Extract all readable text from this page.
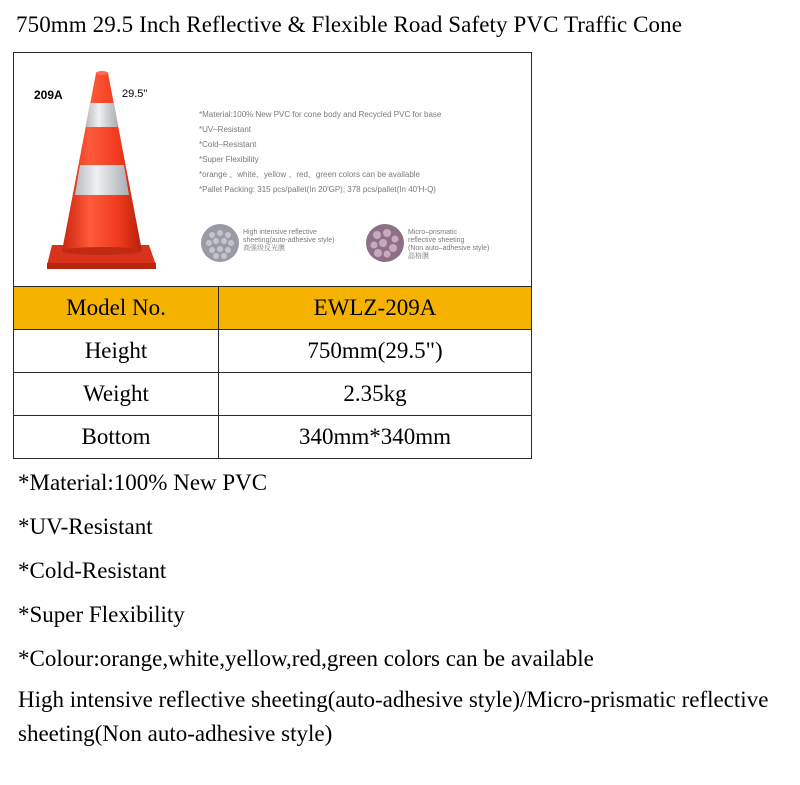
750mm 29.5 Inch Reflective & Flexible Road Safety PVC Traffic Cone
209A	29.5"
*Material:100% New PVC for cone body and Recycled PVC for base
*UV–Resistant
*Cold–Resistant
*Super Flexibility
*orange 、white、yellow 、red、green colors can be available
*Pallet Packing: 315 pcs/pallet(In 20'GP); 378 pcs/pallet(In 40'H-Q)
High intensive reflective
sheeting(auto-adhesive style)
高强级反光膜
Micro–prismatic
reflective sheeting
(Non auto–adhesive style)
晶格膜
Model No.	EWLZ-209A
Height	750mm(29.5")
Weight	2.35kg
Bottom	340mm*340mm
*Material:100% New PVC
*UV-Resistant
*Cold-Resistant
*Super Flexibility
*Colour:orange,white,yellow,red,green colors can be available
High intensive reflective sheeting(auto-adhesive style)/Micro-prismatic reflective sheeting(Non auto-adhesive style)
